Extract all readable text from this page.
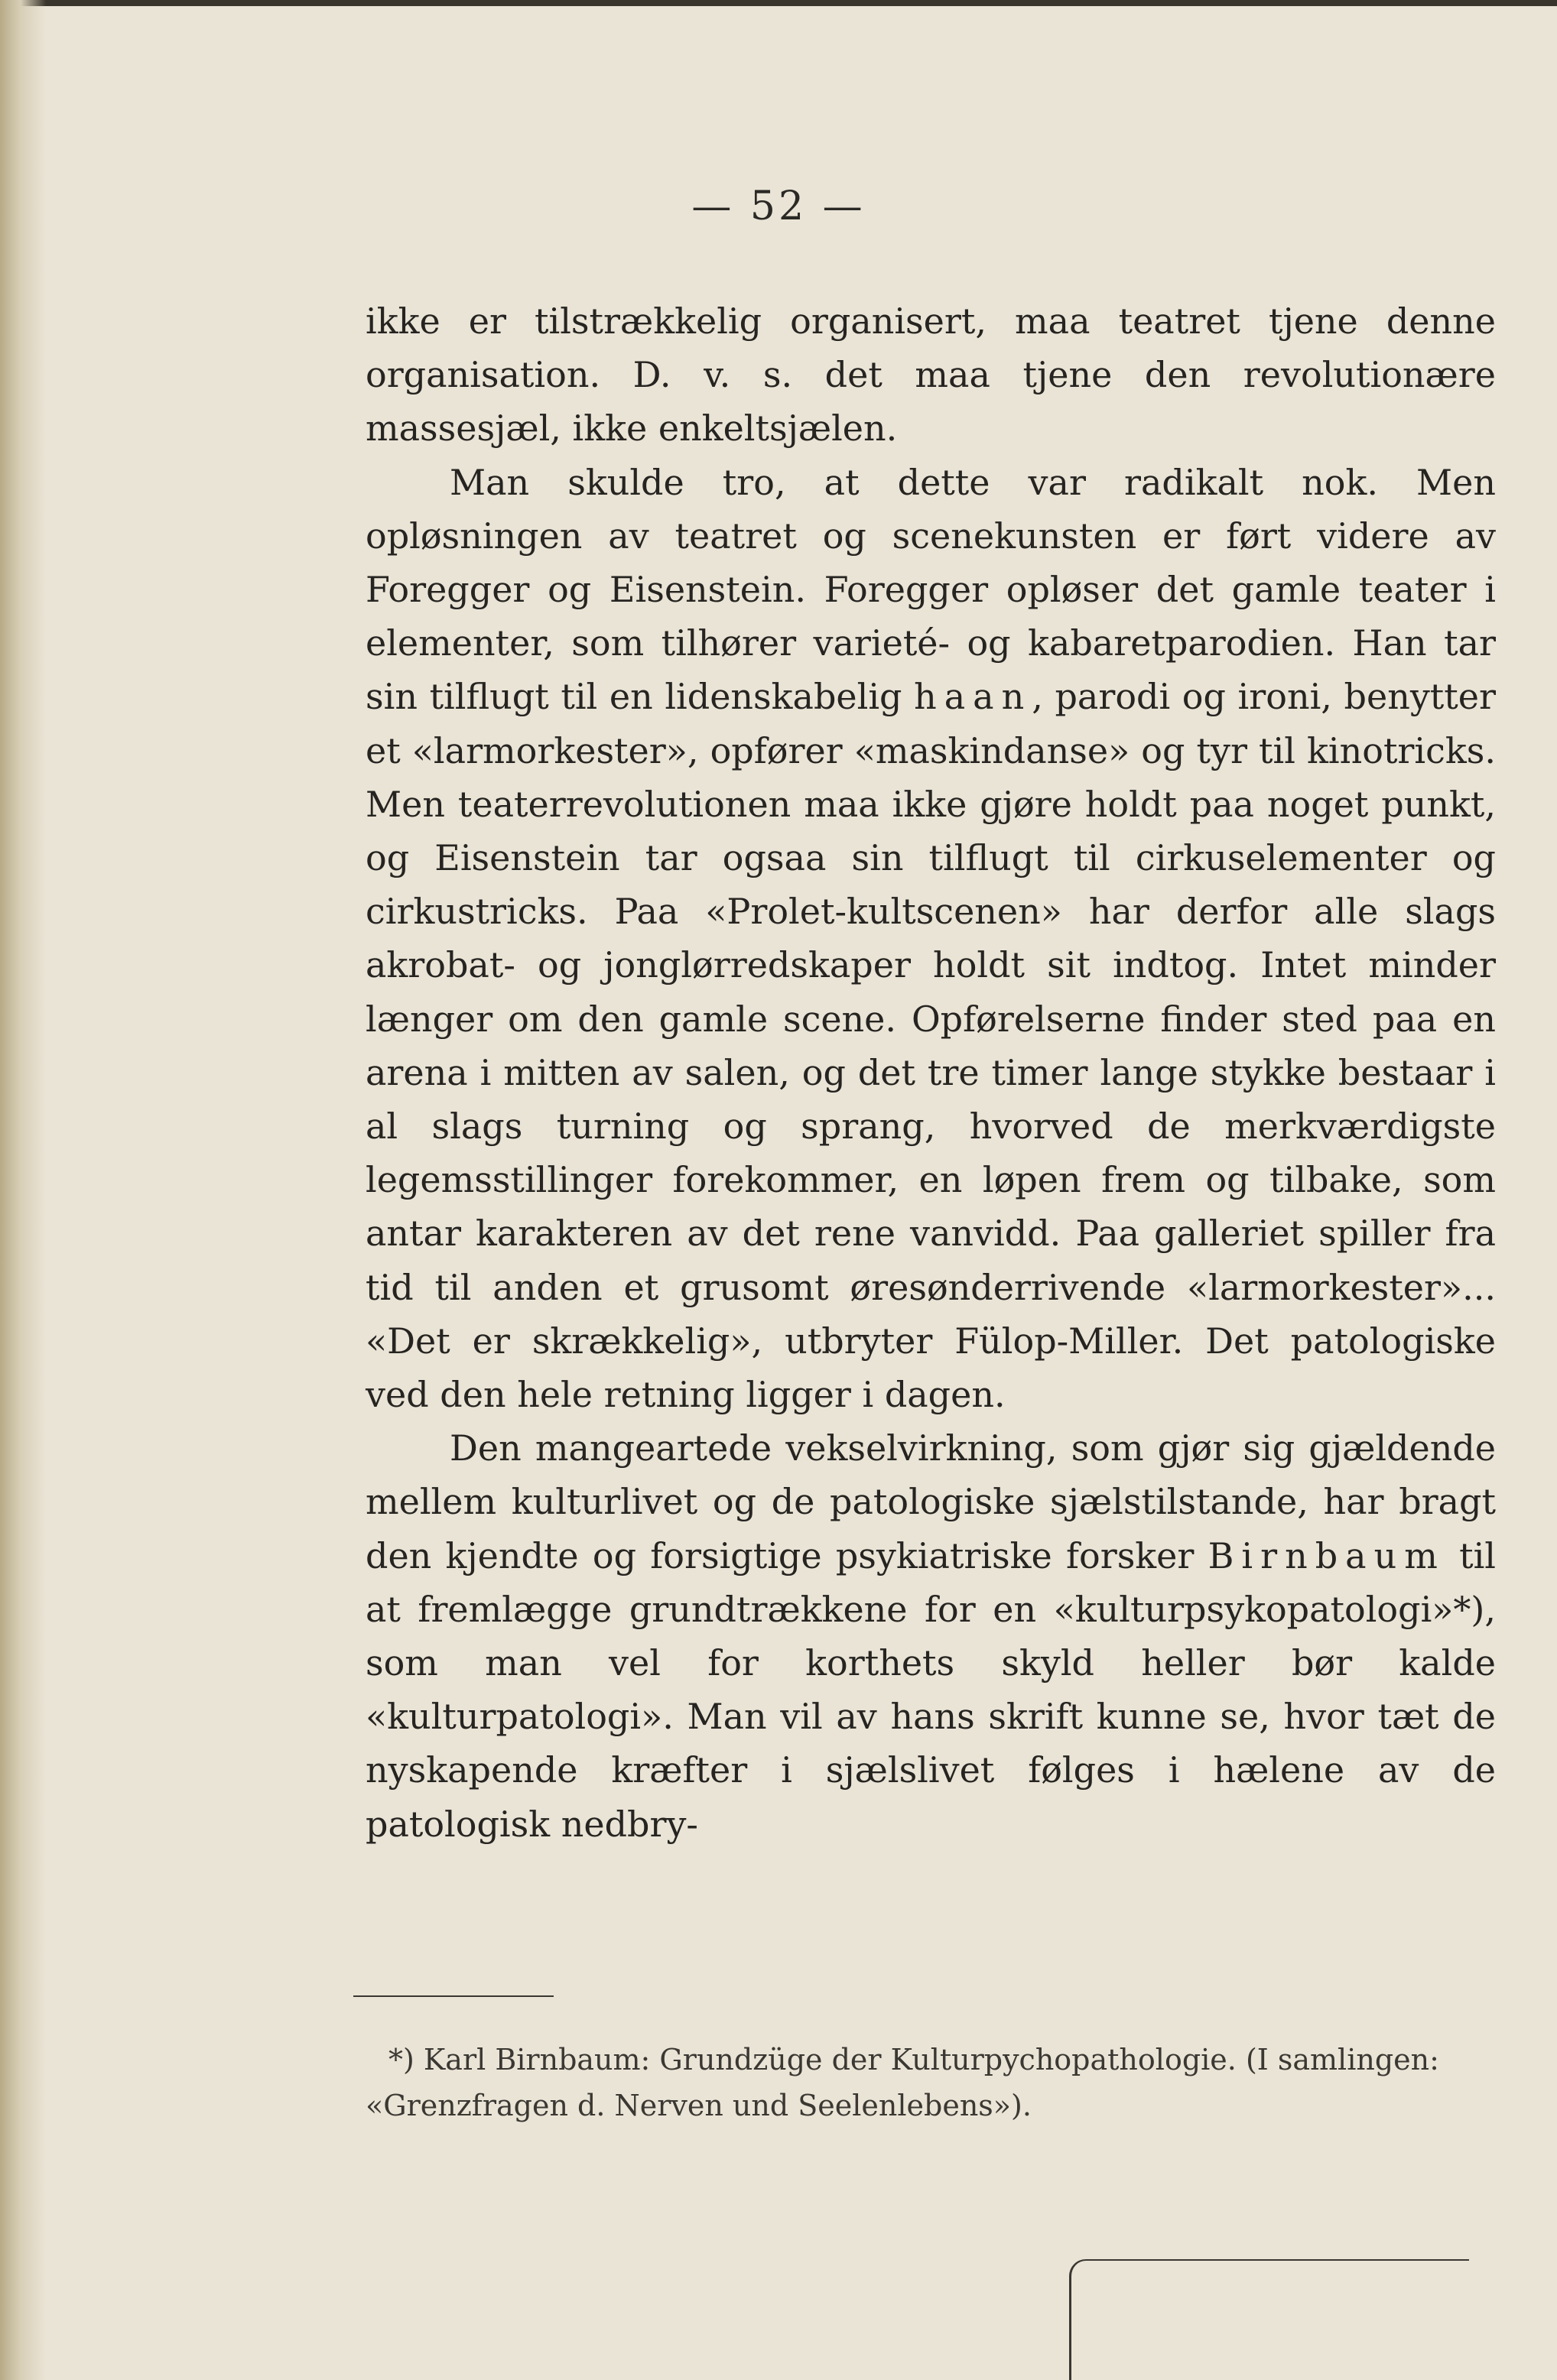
— 52 —

ikke er tilstrækkelig organisert, maa teatret tjene denne organisation. D. v. s. det maa tjene den revolutionære massesjæl, ikke enkeltsjælen.

Man skulde tro, at dette var radikalt nok. Men opløsningen av teatret og scenekunsten er ført videre av Foregger og Eisenstein. Foregger opløser det gamle teater i elementer, som tilhører varieté- og kabaretparodien. Han tar sin tilflugt til en lidenskabelig haan, parodi og ironi, benytter et «larmorkester», opfører «maskindanse» og tyr til kinotricks. Men teaterrevolutionen maa ikke gjøre holdt paa noget punkt, og Eisenstein tar ogsaa sin tilflugt til cirkuselementer og cirkustricks. Paa «Prolet-kultscenen» har derfor alle slags akrobat- og jonglørredskaper holdt sit indtog. Intet minder længer om den gamle scene. Opførelserne finder sted paa en arena i mitten av salen, og det tre timer lange stykke bestaar i al slags turning og sprang, hvorved de merkværdigste legemsstillinger forekommer, en løpen frem og tilbake, som antar karakteren av det rene vanvidd. Paa galleriet spiller fra tid til anden et grusomt øresønderrivende «larmorkester»... «Det er skrækkelig», utbryter Fülop-Miller. Det patologiske ved den hele retning ligger i dagen.

Den mangeartede vekselvirkning, som gjør sig gjældende mellem kulturlivet og de patologiske sjælstilstande, har bragt den kjendte og forsigtige psykiatriske forsker Birnbaum til at fremlægge grundtrækkene for en «kulturpsykopatologi»*), som man vel for korthets skyld heller bør kalde «kulturpatologi». Man vil av hans skrift kunne se, hvor tæt de nyskapende kræfter i sjælslivet følges i hælene av de patologisk nedbry-

*) Karl Birnbaum: Grundzüge der Kulturpychopathologie. (I samlingen: «Grenzfragen d. Nerven und Seelenlebens»).
